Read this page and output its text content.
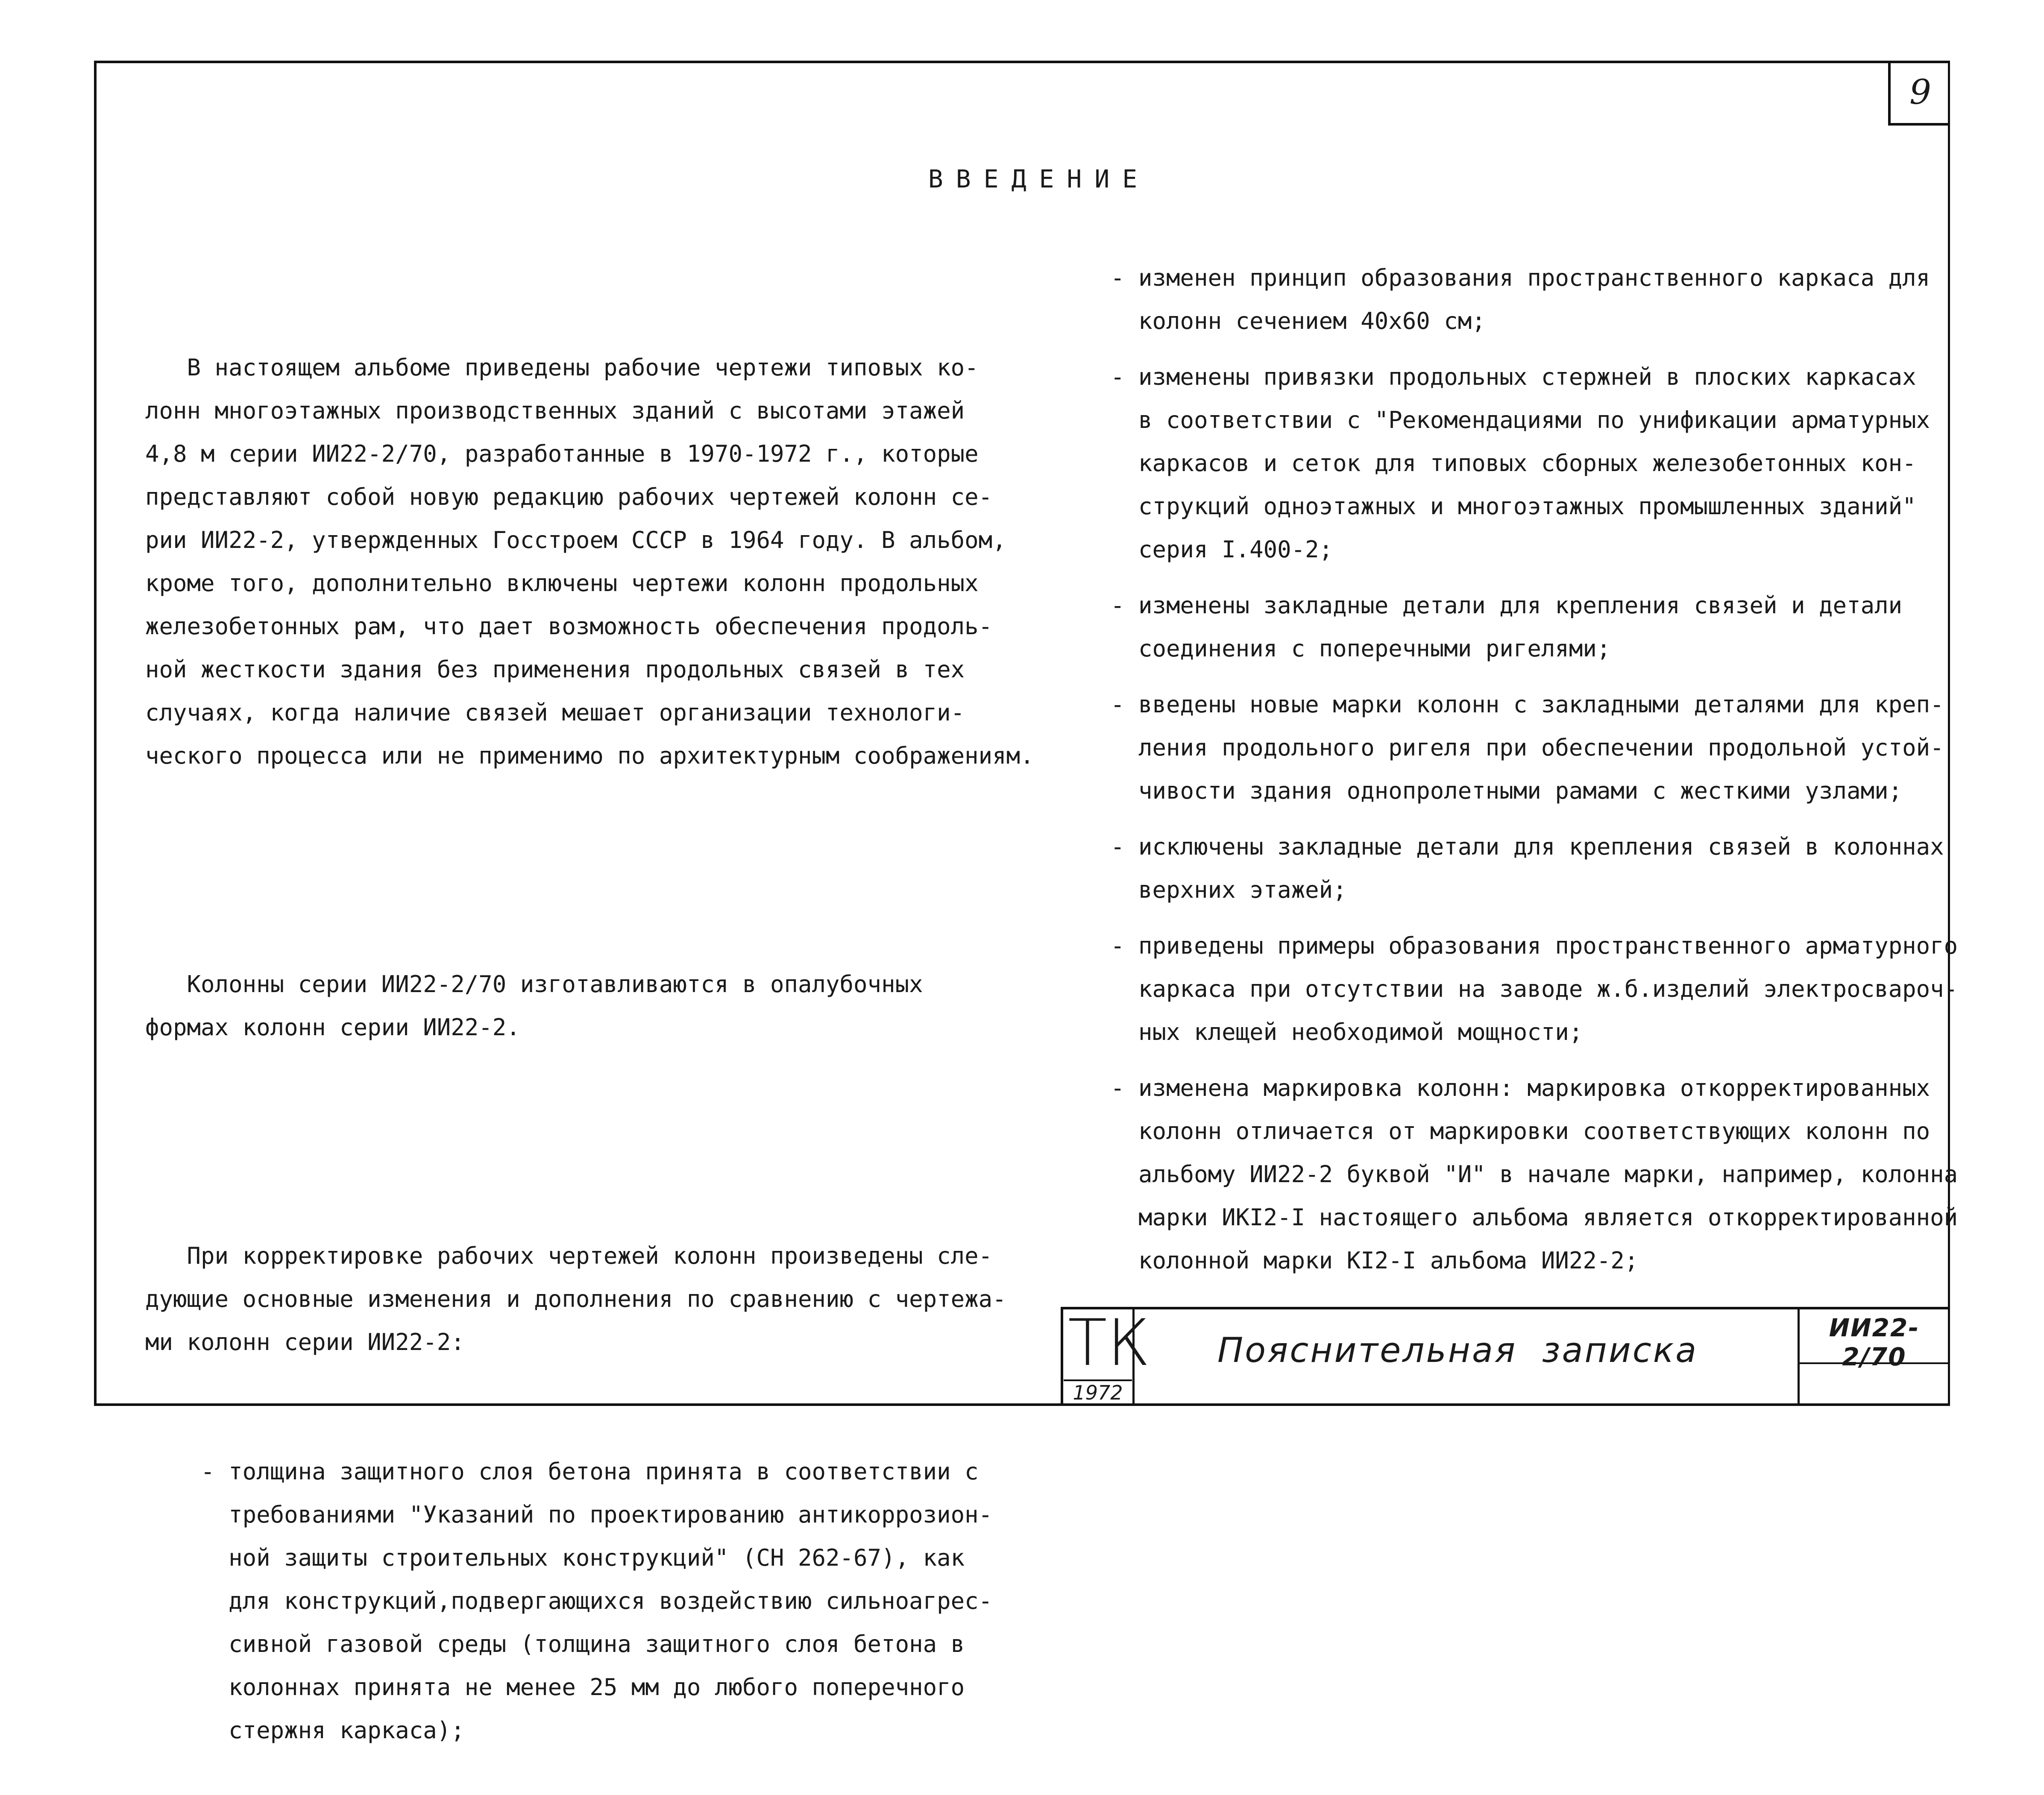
9
ВВЕДЕНИЕ

В настоящем альбоме приведены рабочие чертежи типовых ко-
лонн многоэтажных производственных зданий с высотами этажей
4,8 м серии ИИ22-2/70, разработанные в 1970-1972 г., которые
представляют собой новую редакцию рабочих чертежей колонн се-
рии ИИ22-2, утвержденных Госстроем СССР в 1964 году. В альбом,
кроме того, дополнительно включены чертежи колонн продольных
железобетонных рам, что дает возможность обеспечения продоль-
ной жесткости здания без применения продольных связей в тех
случаях, когда наличие связей мешает организации технологи-
ческого процесса или не применимо по архитектурным соображениям.

Колонны серии ИИ22-2/70 изготавливаются в опалубочных
формах колонн серии ИИ22-2.

При корректировке рабочих чертежей колонн произведены сле-
дующие основные изменения и дополнения по сравнению с чертежа-
ми колонн серии ИИ22-2:

- толщина защитного слоя бетона принята в соответствии с
требованиями "Указаний по проектированию антикоррозион-
ной защиты строительных конструкций" (СН 262-67), как
для конструкций,подвергающихся воздействию сильноагрес-
сивной газовой среды (толщина защитного слоя бетона в
колоннах принята не менее 25 мм до любого поперечного
стержня каркаса);

- изменен принцип образования пространственного каркаса для
колонн сечением 40х60 см;
- изменены привязки продольных стержней в плоских каркасах
в соответствии с "Рекомендациями по унификации арматурных
каркасов и сеток для типовых сборных железобетонных кон-
струкций одноэтажных и многоэтажных промышленных зданий"
серия I.400-2;
- изменены закладные детали для крепления связей и детали
соединения с поперечными ригелями;
- введены новые марки колонн с закладными деталями для креп-
ления продольного ригеля при обеспечении продольной устой-
чивости здания однопролетными рамами с жесткими узлами;
- исключены закладные детали для крепления связей в колоннах
верхних этажей;
- приведены примеры образования пространственного арматурного
каркаса при отсутствии на заводе ж.б.изделий электросвароч-
ных клещей необходимой мощности;
- изменена маркировка колонн: маркировка откорректированных
колонн отличается от маркировки соответствующих колонн по
альбому ИИ22-2 буквой "И" в начале марки, например, колонна
марки ИКI2-I настоящего альбома является откорректированной
колонной марки КI2-I альбома ИИ22-2;
ТК
1972
Пояснительная  записка
ИИ22-2/70
